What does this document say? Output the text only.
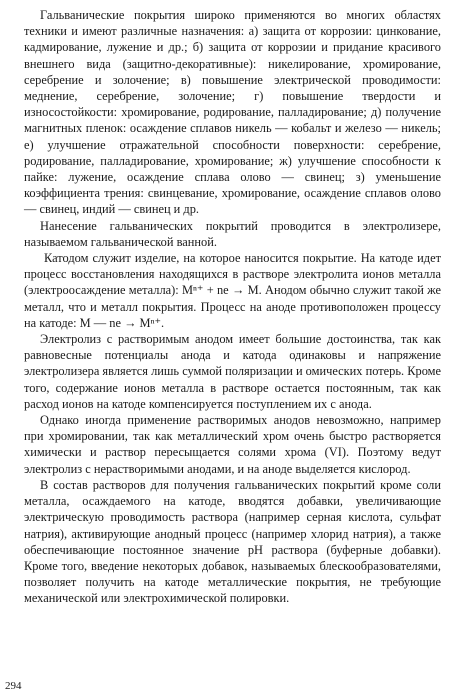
Гальванические покрытия широко применяются во многих областях техники и имеют различные назначения: а) защита от коррозии: цинкование, кадмирование, лужение и др.; б) защита от коррозии и придание красивого внешнего вида (защитно-декоративные): никелирование, хромирование, серебрение и золочение; в) повышение электрической проводимости: меднение, серебрение, золочение; г) повышение твердости и износостойкости: хромирование, родирование, палладирование; д) получение магнитных пленок: осаждение сплавов никель — кобальт и железо — никель; е) улучшение отражательной способности поверхности: серебрение, родирование, палладирование, хромирование; ж) улучшение способности к пайке: лужение, осаждение сплава олово — свинец; з) уменьшение коэффициента трения: свинцевание, хромирование, осаждение сплавов олово — свинец, индий — свинец и др.

Нанесение гальванических покрытий проводится в электролизере, называемом гальванической ванной.

Катодом служит изделие, на которое наносится покрытие. На катоде идет процесс восстановления находящихся в растворе электролита ионов металла (электроосаждение металла): Mⁿ⁺ + ne → M. Анодом обычно служит такой же металл, что и металл покрытия. Процесс на аноде противоположен процессу на катоде: M — ne → Mⁿ⁺.

Электролиз с растворимым анодом имеет большие достоинства, так как равновесные потенциалы анода и катода одинаковы и напряжение электролизера является лишь суммой поляризации и омических потерь. Кроме того, содержание ионов металла в растворе остается постоянным, так как расход ионов на катоде компенсируется поступлением их с анода.

Однако иногда применение растворимых анодов невозможно, например при хромировании, так как металлический хром очень быстро растворяется химически и раствор пересыщается солями хрома (VI). Поэтому ведут электролиз с нерастворимыми анодами, и на аноде выделяется кислород.

В состав растворов для получения гальванических покрытий кроме соли металла, осаждаемого на катоде, вводятся добавки, увеличивающие электрическую проводимость раствора (например серная кислота, сульфат натрия), активирующие анодный процесс (например хлорид натрия), а также обеспечивающие постоянное значение pH раствора (буферные добавки). Кроме того, введение некоторых добавок, называемых блескообразователями, позволяет получить на катоде металлические покрытия, не требующие механической или электрохимической полировки.

294
